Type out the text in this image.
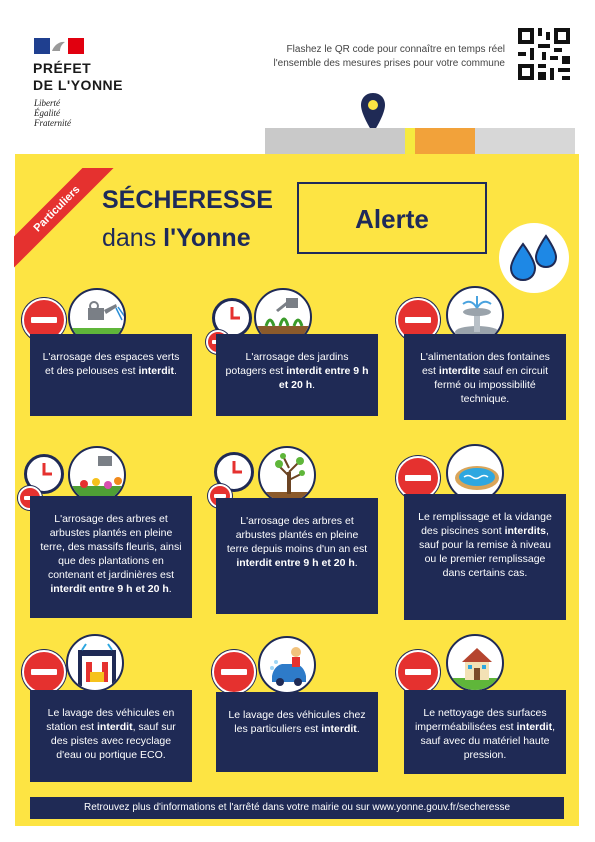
PRÉFET
DE L'YONNE
Liberté
Égalité
Fraternité
Flashez le QR code pour connaître en temps réel
l'ensemble des mesures prises pour votre commune
Particuliers SÉCHERESSE
dans l'Yonne
Alerte
L'arrosage des espaces verts et des pelouses est interdit.
L'arrosage des jardins potagers est interdit entre 9 h et 20 h.
L'alimentation des fontaines est interdite sauf en circuit fermé ou impossibilité technique.
L'arrosage des arbres et arbustes plantés en pleine terre, des massifs fleuris, ainsi que des plantations en contenant et jardinières est interdit entre 9 h et 20 h.
L'arrosage des arbres et arbustes plantés en pleine terre depuis moins d'un an est interdit entre 9 h et 20 h.
Le remplissage et la vidange des piscines sont interdits, sauf pour la remise à niveau ou le premier remplissage dans certains cas.
Le lavage des véhicules en station est interdit, sauf sur des pistes avec recyclage d'eau ou portique ECO.
Le lavage des véhicules chez les particuliers est interdit.
Le nettoyage des surfaces imperméabilisées est interdit, sauf avec du matériel haute pression.
Retrouvez plus d'informations et l'arrêté dans votre mairie ou sur www.yonne.gouv.fr/secheresse
